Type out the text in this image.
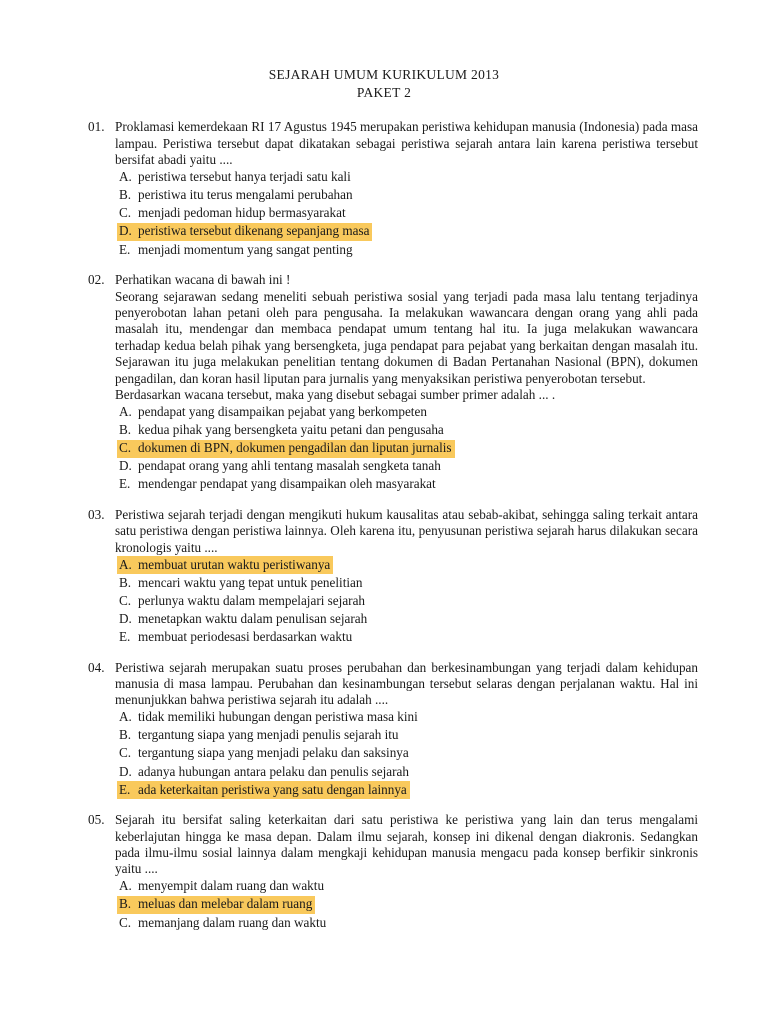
SEJARAH UMUM KURIKULUM 2013
PAKET 2
01. Proklamasi kemerdekaan RI 17 Agustus 1945 merupakan peristiwa kehidupan manusia (Indonesia) pada masa lampau. Peristiwa tersebut dapat dikatakan sebagai peristiwa sejarah antara lain karena peristiwa tersebut bersifat abadi yaitu ....
A. peristiwa tersebut hanya terjadi satu kali
B. peristiwa itu terus mengalami perubahan
C. menjadi pedoman hidup bermasyarakat
D. peristiwa tersebut dikenang sepanjang masa
E. menjadi momentum yang sangat penting
02. Perhatikan wacana di bawah ini !

Seorang sejarawan sedang meneliti sebuah peristiwa sosial yang terjadi pada masa lalu tentang terjadinya penyerobotan lahan petani oleh para pengusaha. Ia melakukan wawancara dengan orang yang ahli pada masalah itu, mendengar dan membaca pendapat umum tentang hal itu. Ia juga melakukan wawancara terhadap kedua belah pihak yang bersengketa, juga pendapat para pejabat yang berkaitan dengan masalah itu. Sejarawan itu juga melakukan penelitian tentang dokumen di Badan Pertanahan Nasional (BPN), dokumen pengadilan, dan koran hasil liputan para jurnalis yang menyaksikan peristiwa penyerobotan tersebut.

Berdasarkan wacana tersebut, maka yang disebut sebagai sumber primer adalah ... .

A. pendapat yang disampaikan pejabat yang berkompeten
B. kedua pihak yang bersengketa yaitu petani dan pengusaha
C. dokumen di BPN, dokumen pengadilan dan liputan jurnalis
D. pendapat orang yang ahli tentang masalah sengketa tanah
E. mendengar pendapat yang disampaikan oleh masyarakat
03. Peristiwa sejarah terjadi dengan mengikuti hukum kausalitas atau sebab-akibat, sehingga saling terkait antara satu peristiwa dengan peristiwa lainnya. Oleh karena itu, penyusunan peristiwa sejarah harus dilakukan secara kronologis yaitu ....
A. membuat urutan waktu peristiwanya
B. mencari waktu yang tepat untuk penelitian
C. perlunya waktu dalam mempelajari sejarah
D. menetapkan waktu dalam penulisan sejarah
E. membuat periodesasi berdasarkan waktu
04. Peristiwa sejarah merupakan suatu proses perubahan dan berkesinambungan yang terjadi dalam kehidupan manusia di masa lampau. Perubahan dan kesinambungan tersebut selaras dengan perjalanan waktu. Hal ini menunjukkan bahwa peristiwa sejarah itu adalah ....
A. tidak memiliki hubungan dengan peristiwa masa kini
B. tergantung siapa yang menjadi penulis sejarah itu
C. tergantung siapa yang menjadi pelaku dan saksinya
D. adanya hubungan antara pelaku dan penulis sejarah
E. ada keterkaitan peristiwa yang satu dengan lainnya
05. Sejarah itu bersifat saling keterkaitan dari satu peristiwa ke peristiwa yang lain dan terus mengalami keberlajutan hingga ke masa depan. Dalam ilmu sejarah, konsep ini dikenal dengan diakronis. Sedangkan pada ilmu-ilmu sosial lainnya dalam mengkaji kehidupan manusia mengacu pada konsep berfikir sinkronis yaitu ....
A. menyempit dalam ruang dan waktu
B. meluas dan melebar dalam ruang
C. memanjang dalam ruang dan waktu
